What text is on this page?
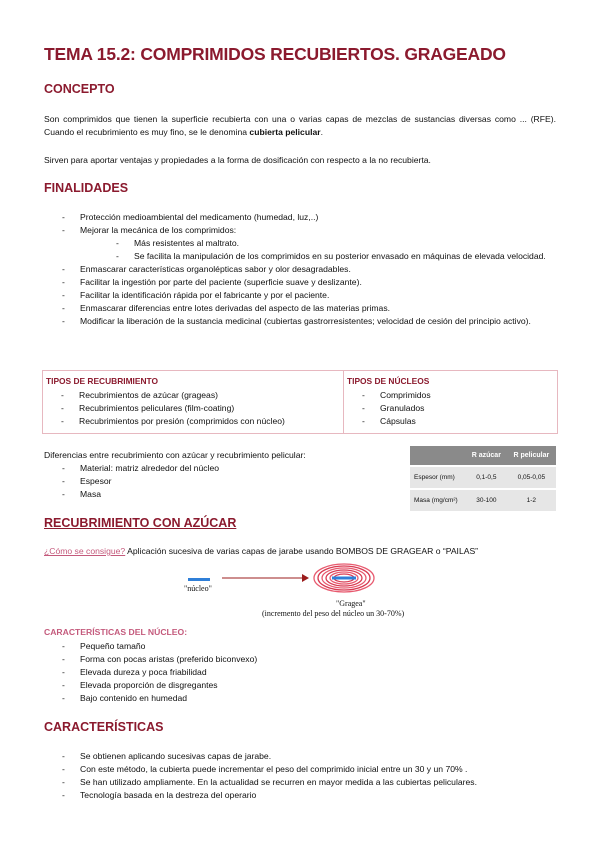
TEMA 15.2: COMPRIMIDOS RECUBIERTOS. GRAGEADO
CONCEPTO
Son comprimidos que tienen la superficie recubierta con una o varias capas de mezclas de sustancias diversas como ... (RFE). Cuando el recubrimiento es muy fino, se le denomina cubierta pelicular.
Sirven para aportar ventajas y propiedades a la forma de dosificación con respecto a la no recubierta.
FINALIDADES
- Protección medioambiental del medicamento (humedad, luz,..)
- Mejorar la mecánica de los comprimidos:
- Más resistentes al maltrato.
- Se facilita la manipulación de los comprimidos en su posterior envasado en máquinas de elevada velocidad.
- Enmascarar características organolépticas sabor y olor desagradables.
- Facilitar la ingestión por parte del paciente (superficie suave y deslizante).
- Facilitar la identificación rápida por el fabricante y por el paciente.
- Enmascarar diferencias entre lotes derivadas del aspecto de las materias primas.
- Modificar la liberación de la sustancia medicinal (cubiertas gastrorresistentes; velocidad de cesión del principio activo).
TIPOS DE RECUBRIMIENTO
- Recubrimientos de azúcar (grageas)
- Recubrimientos peliculares (film-coating)
- Recubrimientos por presión (comprimidos con núcleo)
TIPOS DE NÚCLEOS
- Comprimidos
- Granulados
- Cápsulas
Diferencias entre recubrimiento con azúcar y recubrimiento pelicular:
- Material: matriz alrededor del núcleo
- Espesor
- Masa
	R azúcar	R pelicular
Espesor (mm)	0,1-0,5	0,05-0,05
Masa (mg/cm²)	30-100	1-2
RECUBRIMIENTO CON AZÚCAR
¿Cómo se consigue? Aplicación sucesiva de varias capas de jarabe usando BOMBOS DE GRAGEAR o “PAILAS”
"núcleo"
"Gragea"
(incremento del peso del núcleo un 30-70%)
CARACTERÍSTICAS DEL NÚCLEO:
- Pequeño tamaño
- Forma con pocas aristas (preferido biconvexo)
- Elevada dureza y poca friabilidad
- Elevada proporción de disgregantes
- Bajo contenido en humedad
CARACTERÍSTICAS
- Se obtienen aplicando sucesivas capas de jarabe.
- Con este método, la cubierta puede incrementar el peso del comprimido inicial entre un 30 y un 70% .
- Se han utilizado ampliamente. En la actualidad se recurren en mayor medida a las cubiertas peliculares.
- Tecnología basada en la destreza del operario
